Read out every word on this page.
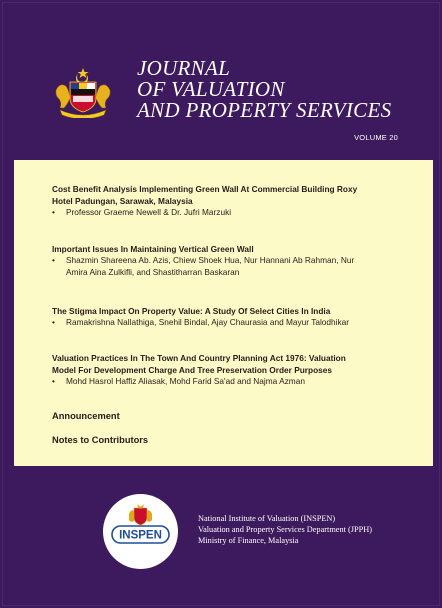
JOURNAL
OF VALUATION
AND PROPERTY SERVICES
VOLUME 20
Cost Benefit Analysis Implementing Green Wall At Commercial Building Roxy
Hotel Padungan, Sarawak, Malaysia
•	Professor Graeme Newell & Dr. Jufri Marzuki
Important Issues In Maintaining Vertical Green Wall
•	Shazmin Shareena Ab. Azis, Chiew Shoek Hua, Nur Hannani Ab Rahman, Nur
Amira Aina Zulkifli, and Shastitharran Baskaran
The Stigma Impact On Property Value: A Study Of Select Cities In India
•	Ramakrishna Nallathiga, Snehil Bindal, Ajay Chaurasia and Mayur Talodhikar
Valuation Practices In The Town And Country Planning Act 1976: Valuation
Model For Development Charge And Tree Preservation Order Purposes
•	Mohd Hasrol Haffiz Aliasak, Mohd Farid Sa'ad and Najma Azman
Announcement
Notes to Contributors
INSPEN
National Institute of Valuation (INSPEN)
Valuation and Property Services Department (JPPH)
Ministry of Finance, Malaysia
